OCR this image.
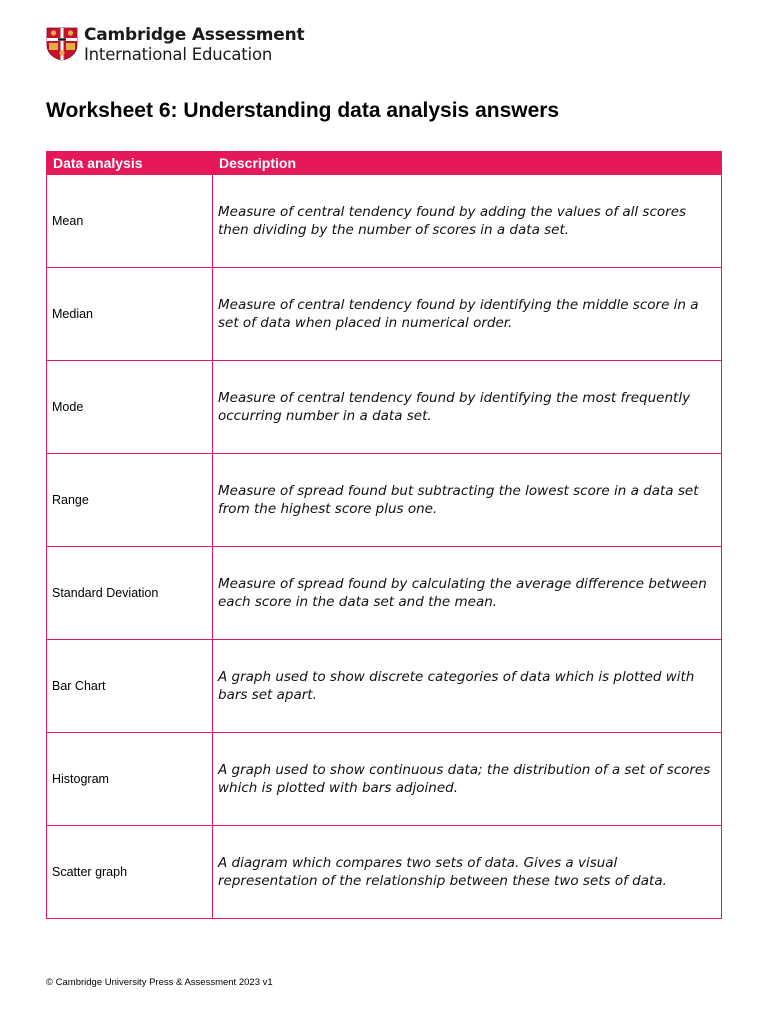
Cambridge Assessment
International Education
Worksheet 6: Understanding data analysis answers
Data analysis	Description
Mean	Measure of central tendency found by adding the values of all scores then dividing by the number of scores in a data set.
Median	Measure of central tendency found by identifying the middle score in a set of data when placed in numerical order.
Mode	Measure of central tendency found by identifying the most frequently occurring number in a data set.
Range	Measure of spread found but subtracting the lowest score in a data set from the highest score plus one.
Standard Deviation	Measure of spread found by calculating the average difference between each score in the data set and the mean.
Bar Chart	A graph used to show discrete categories of data which is plotted with bars set apart.
Histogram	A graph used to show continuous data; the distribution of a set of scores which is plotted with bars adjoined.
Scatter graph	A diagram which compares two sets of data. Gives a visual representation of the relationship between these two sets of data.
© Cambridge University Press & Assessment 2023 v1
